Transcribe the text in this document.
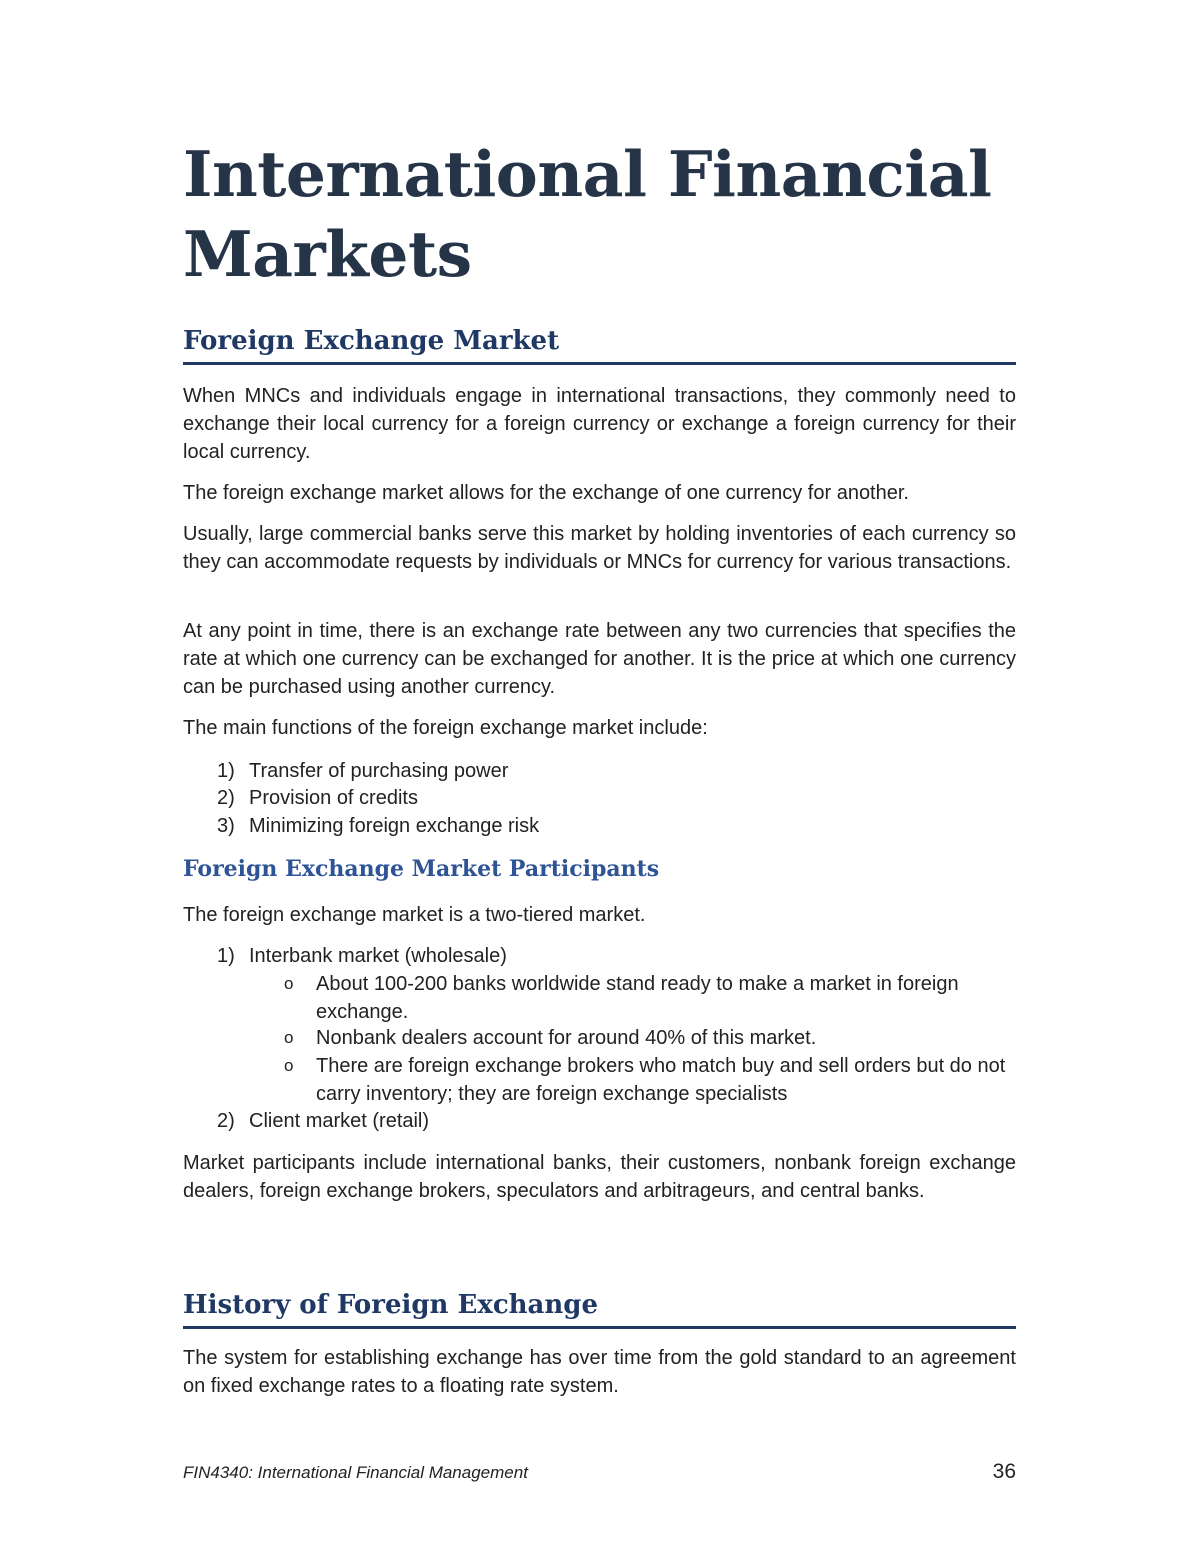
International Financial Markets
Foreign Exchange Market

When MNCs and individuals engage in international transactions, they commonly need to exchange their local currency for a foreign currency or exchange a foreign currency for their local currency.

The foreign exchange market allows for the exchange of one currency for another.

Usually, large commercial banks serve this market by holding inventories of each currency so they can accommodate requests by individuals or MNCs for currency for various transactions.

At any point in time, there is an exchange rate between any two currencies that specifies the rate at which one currency can be exchanged for another. It is the price at which one currency can be purchased using another currency.

The main functions of the foreign exchange market include:

1) Transfer of purchasing power
2) Provision of credits
3) Minimizing foreign exchange risk
Foreign Exchange Market Participants

The foreign exchange market is a two-tiered market.

1) Interbank market (wholesale)
o About 100-200 banks worldwide stand ready to make a market in foreign exchange.
o Nonbank dealers account for around 40% of this market.
o There are foreign exchange brokers who match buy and sell orders but do not carry inventory; they are foreign exchange specialists
2) Client market (retail)

Market participants include international banks, their customers, nonbank foreign exchange dealers, foreign exchange brokers, speculators and arbitrageurs, and central banks.

History of Foreign Exchange

The system for establishing exchange has over time from the gold standard to an agreement on fixed exchange rates to a floating rate system.

FIN4340: International Financial Management	36
